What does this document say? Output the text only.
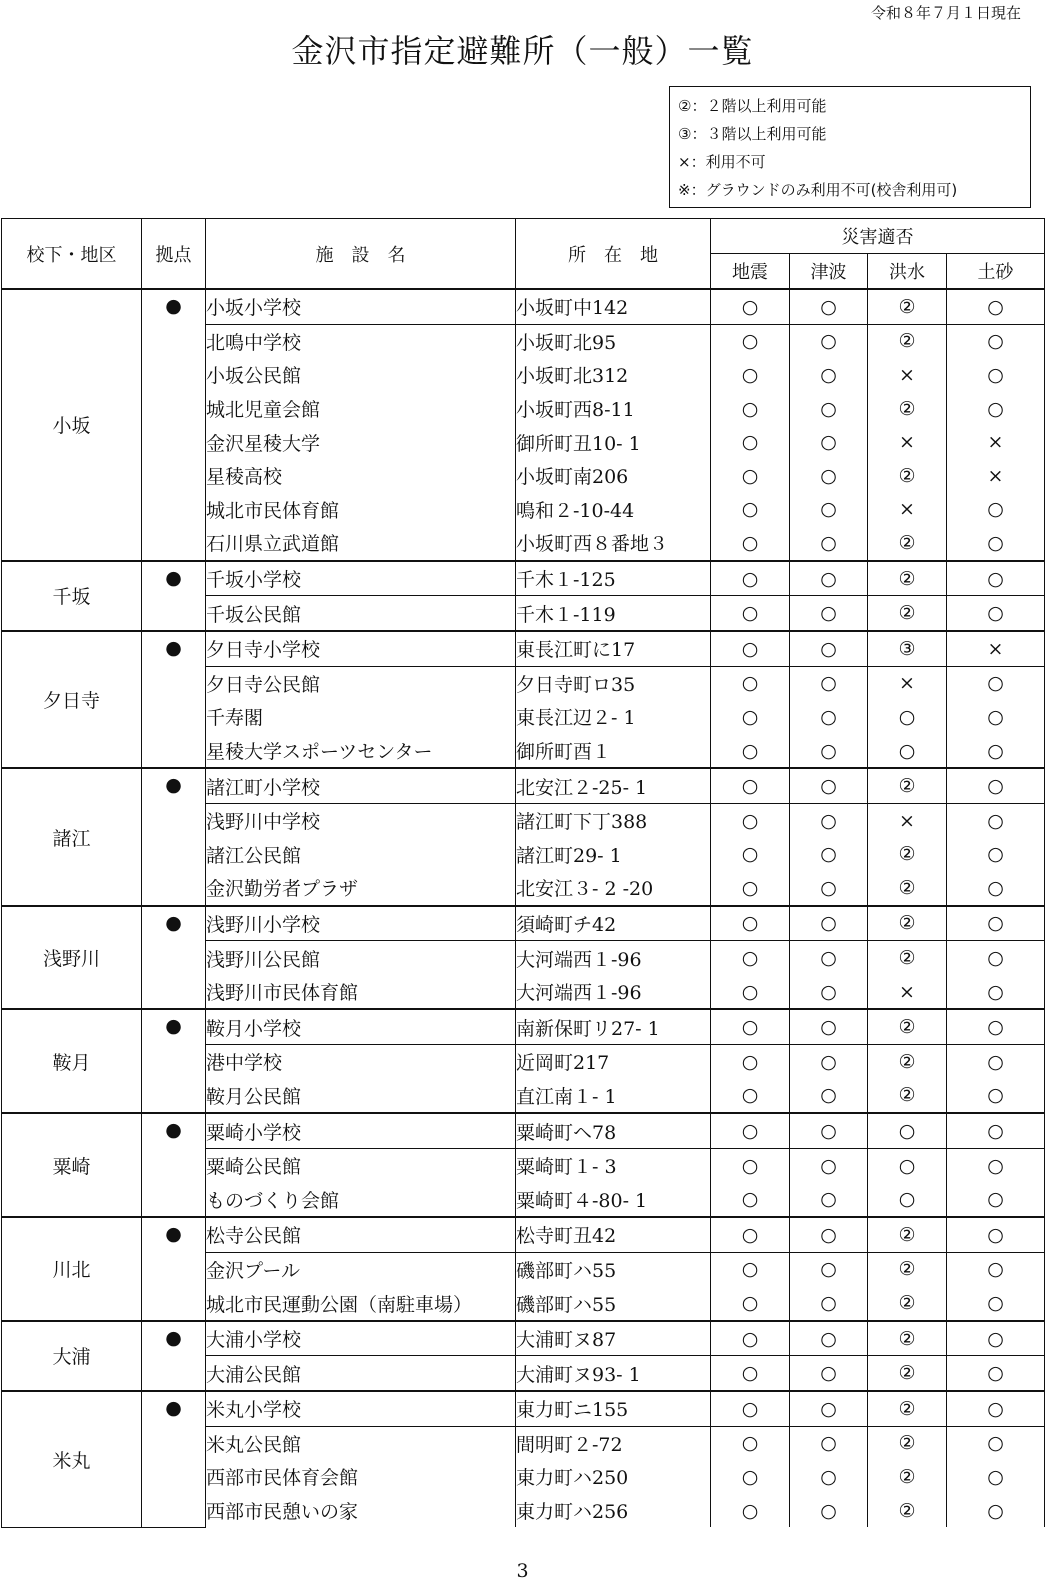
令和８年７月１日現在
金沢市指定避難所（一般）一覧
②：２階以上利用可能
③：３階以上利用可能
×：利用不可
※：グラウンドのみ利用不可(校舎利用可)
校下・地区	拠点	施　設　名	所　在　地	災害適否			
				地震	津波	洪水	土砂
小坂	●	小坂小学校	小坂町中142	○	○	②	○
		北鳴中学校	小坂町北95	○	○	②	○
		小坂公民館	小坂町北312	○	○	×	○
		城北児童会館	小坂町西8-11	○	○	②	○
		金沢星稜大学	御所町丑10- 1	○	○	×	×
		星稜高校	小坂町南206	○	○	②	×
		城北市民体育館	鳴和２-10-44	○	○	×	○
		石川県立武道館	小坂町西８番地３	○	○	②	○
千坂	●	千坂小学校	千木１-125	○	○	②	○
		千坂公民館	千木１-119	○	○	②	○
夕日寺	●	夕日寺小学校	東長江町に17	○	○	③	×
		夕日寺公民館	夕日寺町ロ35	○	○	×	○
		千寿閣	東長江辺２- 1	○	○	○	○
		星稜大学スポーツセンター	御所町酉１	○	○	○	○
諸江	●	諸江町小学校	北安江２-25- 1	○	○	②	○
		浅野川中学校	諸江町下丁388	○	○	×	○
		諸江公民館	諸江町29- 1	○	○	②	○
		金沢勤労者プラザ	北安江３- 2 -20	○	○	②	○
浅野川	●	浅野川小学校	須崎町チ42	○	○	②	○
		浅野川公民館	大河端西１-96	○	○	②	○
		浅野川市民体育館	大河端西１-96	○	○	×	○
鞍月	●	鞍月小学校	南新保町リ27- 1	○	○	②	○
		港中学校	近岡町217	○	○	②	○
		鞍月公民館	直江南１- 1	○	○	②	○
粟崎	●	粟崎小学校	粟崎町ヘ78	○	○	○	○
		粟崎公民館	粟崎町１- 3	○	○	○	○
		ものづくり会館	粟崎町４-80- 1	○	○	○	○
川北	●	松寺公民館	松寺町丑42	○	○	②	○
		金沢プール	磯部町ハ55	○	○	②	○
		城北市民運動公園（南駐車場）	磯部町ハ55	○	○	②	○
大浦	●	大浦小学校	大浦町ヌ87	○	○	②	○
		大浦公民館	大浦町ヌ93- 1	○	○	②	○
米丸	●	米丸小学校	東力町ニ155	○	○	②	○
		米丸公民館	間明町２-72	○	○	②	○
		西部市民体育会館	東力町ハ250	○	○	②	○
		西部市民憩いの家	東力町ハ256	○	○	②	○
3
